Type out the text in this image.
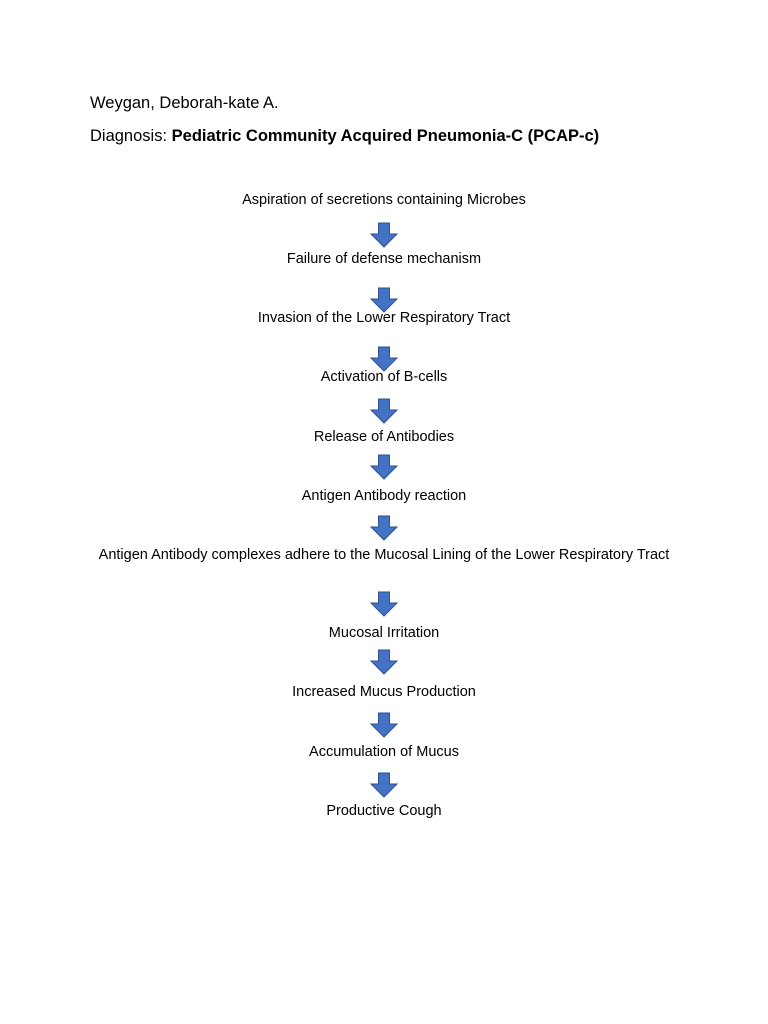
Weygan, Deborah-kate A.
Diagnosis: Pediatric Community Acquired Pneumonia-C (PCAP-c)
Aspiration of secretions containing Microbes
Failure of defense mechanism
Invasion of the Lower Respiratory Tract
Activation of B-cells
Release of Antibodies
Antigen Antibody reaction
Antigen Antibody complexes adhere to the Mucosal Lining of the Lower Respiratory Tract
Mucosal Irritation
Increased Mucus Production
Accumulation of Mucus
Productive Cough
